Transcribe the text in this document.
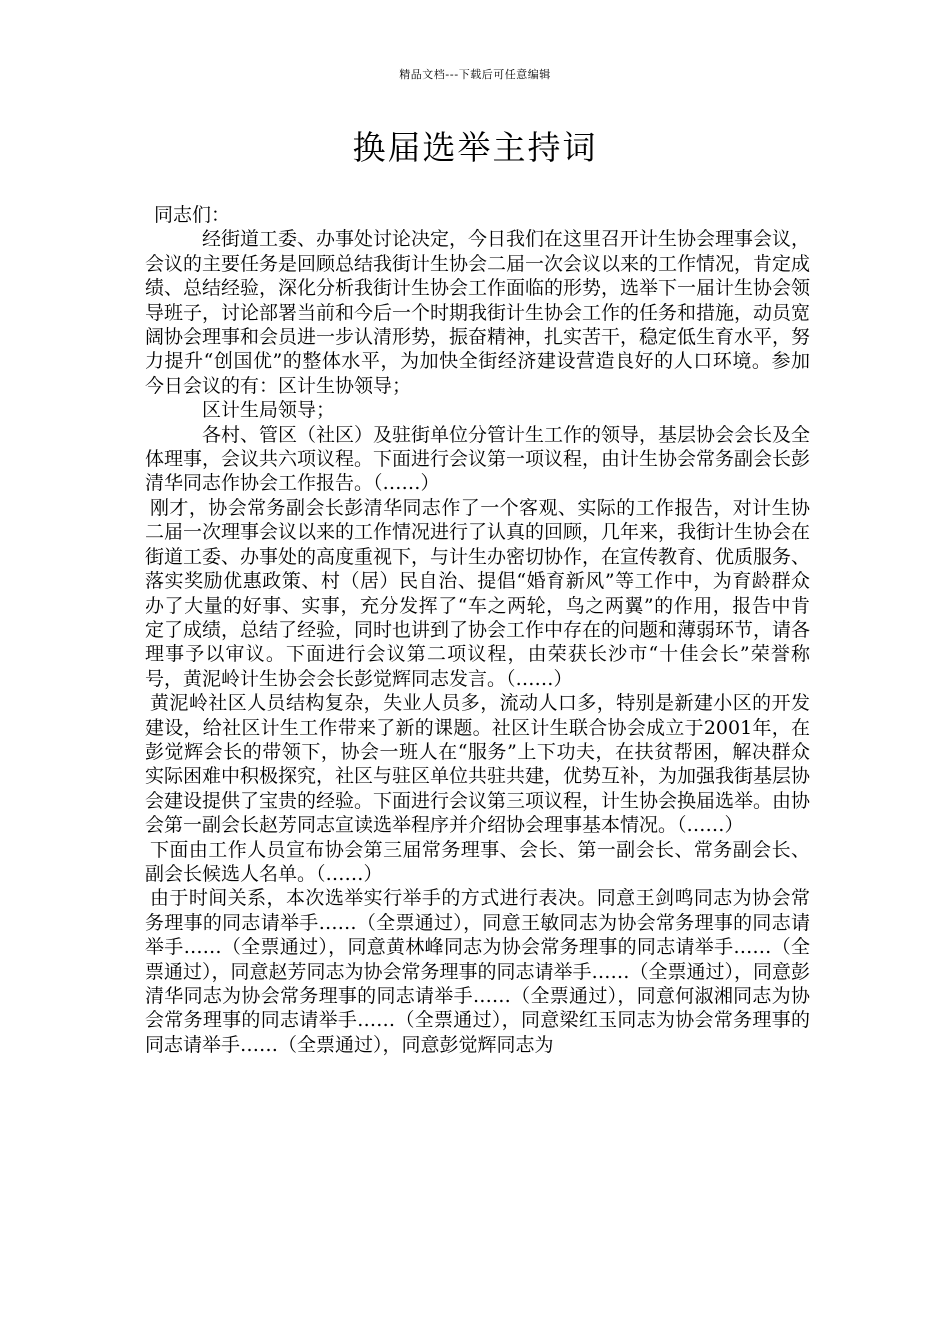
精品文档---下载后可任意编辑
换届选举主持词

同志们：

经街道工委、办事处讨论决定，今日我们在这里召开计生协会理事会议，会议的主要任务是回顾总结我街计生协会二届一次会议以来的工作情况，肯定成绩、总结经验，深化分析我街计生协会工作面临的形势，选举下一届计生协会领导班子，讨论部署当前和今后一个时期我街计生协会工作的任务和措施，动员宽阔协会理事和会员进一步认清形势，振奋精神，扎实苦干，稳定低生育水平，努力提升“创国优”的整体水平，为加快全街经济建设营造良好的人口环境。参加今日会议的有：区计生协领导；

区计生局领导；

各村、管区（社区）及驻街单位分管计生工作的领导，基层协会会长及全体理事，会议共六项议程。下面进行会议第一项议程，由计生协会常务副会长彭清华同志作协会工作报告。（……）

刚才，协会常务副会长彭清华同志作了一个客观、实际的工作报告，对计生协二届一次理事会议以来的工作情况进行了认真的回顾，几年来，我街计生协会在街道工委、办事处的高度重视下，与计生办密切协作，在宣传教育、优质服务、落实奖励优惠政策、村（居）民自治、提倡“婚育新风”等工作中，为育龄群众办了大量的好事、实事，充分发挥了“车之两轮，鸟之两翼”的作用，报告中肯定了成绩，总结了经验，同时也讲到了协会工作中存在的问题和薄弱环节，请各理事予以审议。下面进行会议第二项议程，由荣获长沙市“十佳会长”荣誉称号，黄泥岭计生协会会长彭觉辉同志发言。（……）

黄泥岭社区人员结构复杂，失业人员多，流动人口多，特别是新建小区的开发建设，给社区计生工作带来了新的课题。社区计生联合协会成立于2001年，在彭觉辉会长的带领下，协会一班人在“服务”上下功夫，在扶贫帮困，解决群众实际困难中积极探究，社区与驻区单位共驻共建，优势互补，为加强我街基层协会建设提供了宝贵的经验。下面进行会议第三项议程，计生协会换届选举。由协会第一副会长赵芳同志宣读选举程序并介绍协会理事基本情况。（……）

下面由工作人员宣布协会第三届常务理事、会长、第一副会长、常务副会长、副会长候选人名单。（……）

由于时间关系，本次选举实行举手的方式进行表决。同意王剑鸣同志为协会常务理事的同志请举手……（全票通过），同意王敏同志为协会常务理事的同志请举手……（全票通过），同意黄林峰同志为协会常务理事的同志请举手……（全票通过），同意赵芳同志为协会常务理事的同志请举手……（全票通过），同意彭清华同志为协会常务理事的同志请举手……（全票通过），同意何淑湘同志为协会常务理事的同志请举手……（全票通过），同意梁红玉同志为协会常务理事的同志请举手……（全票通过），同意彭觉辉同志为
